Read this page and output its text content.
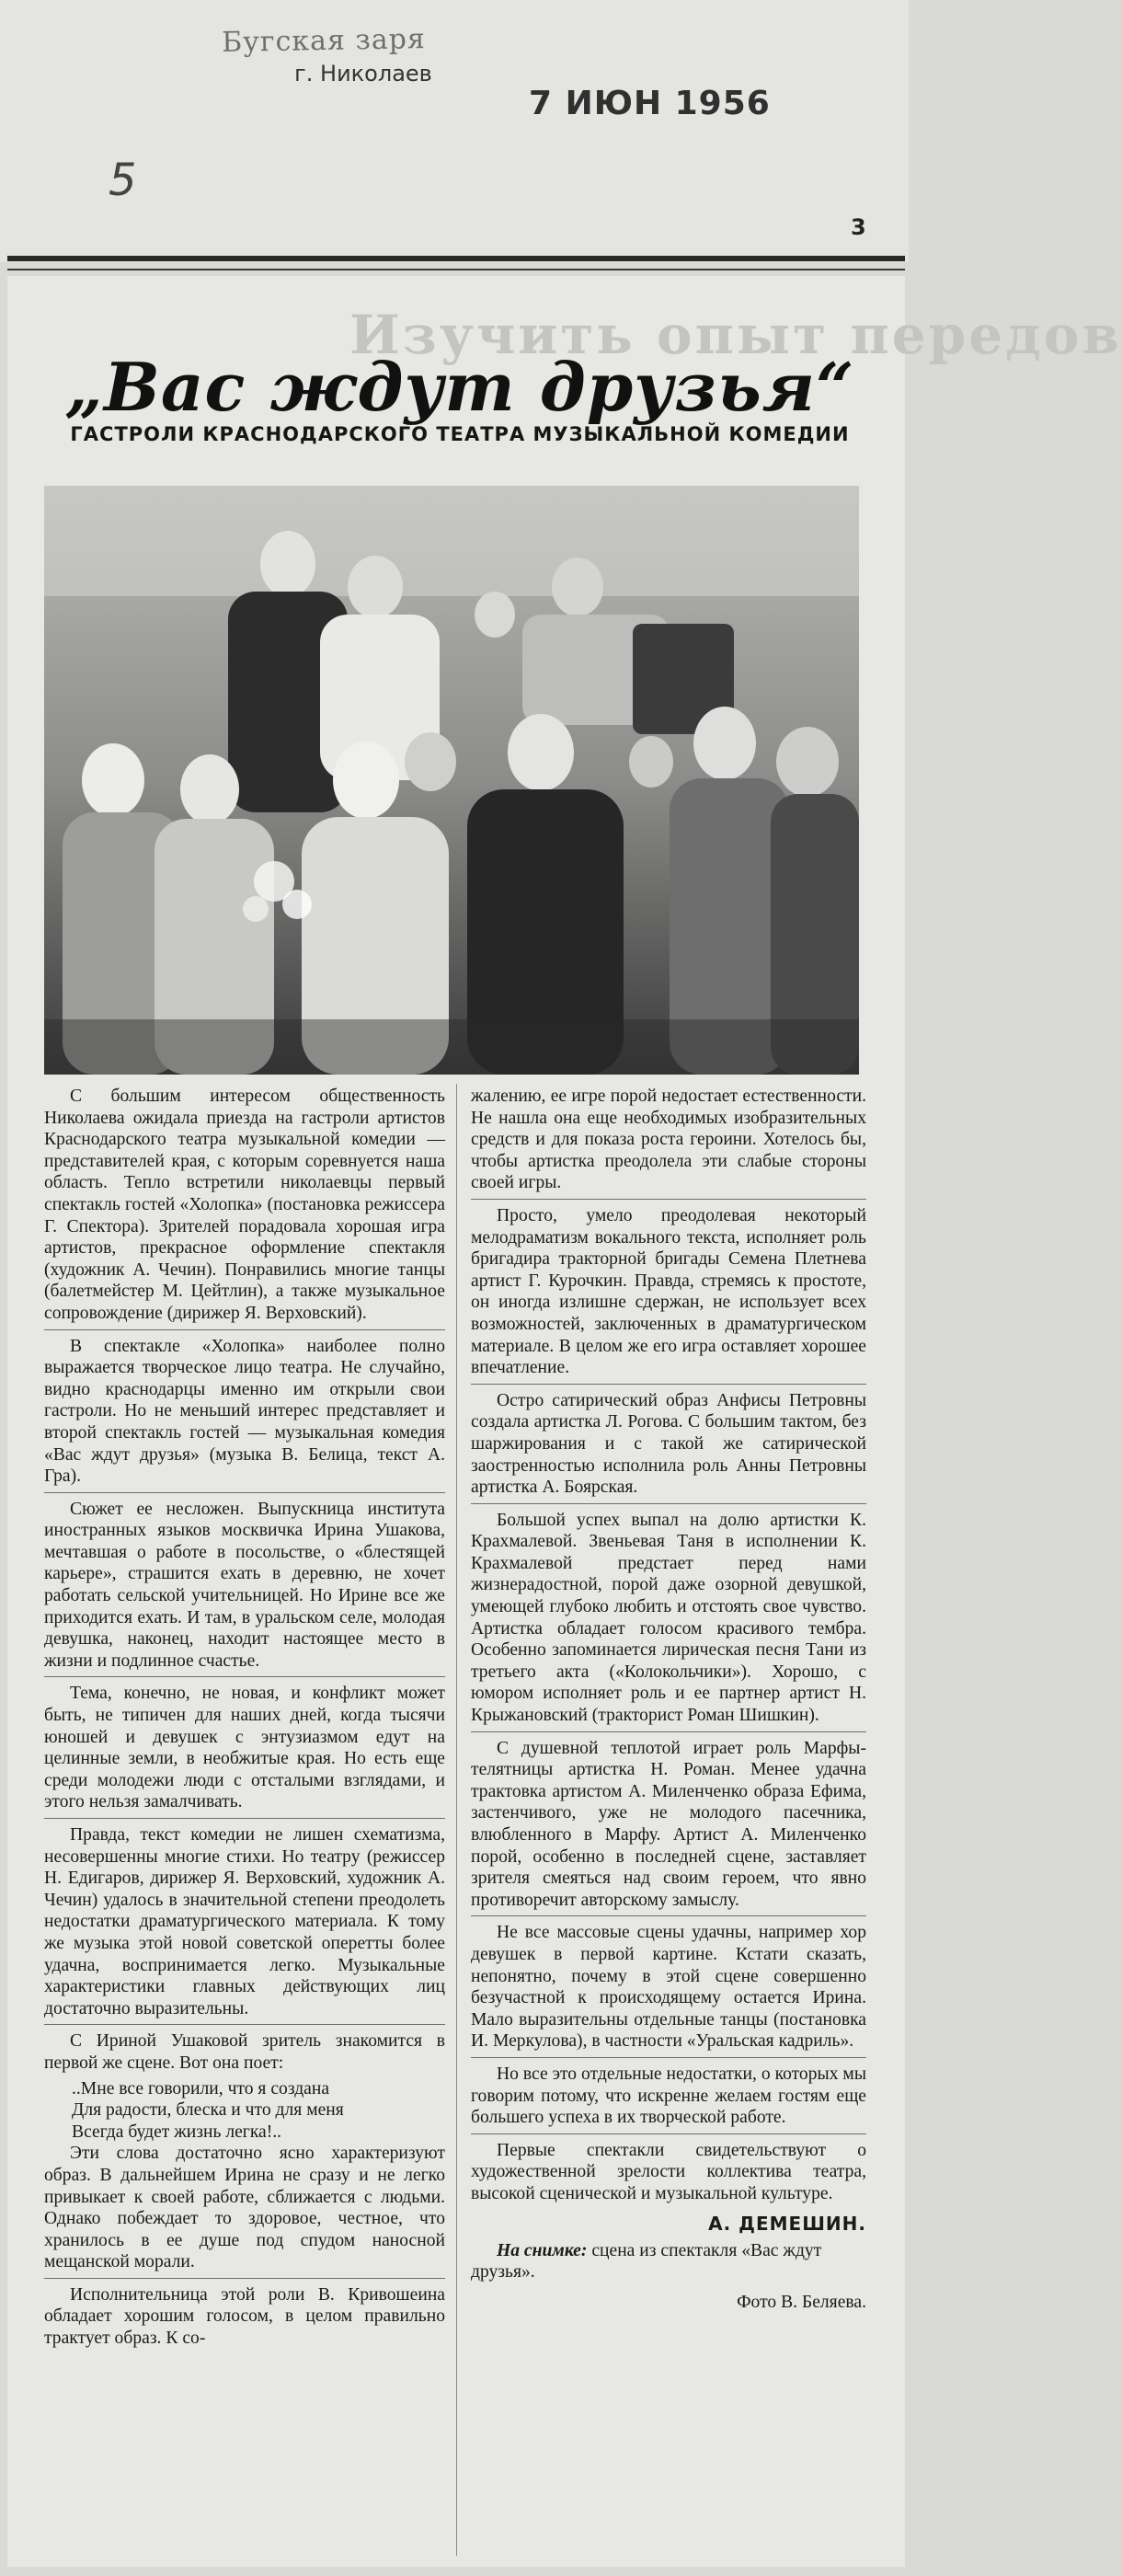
Бугская заря
г. Николаев
7 ИЮН 1956
5
3
Изучить опыт передов
„Вас ждут друзья“
ГАСТРОЛИ КРАСНОДАРСКОГО ТЕАТРА МУЗЫКАЛЬНОЙ КОМЕДИИ

С большим интересом общественность Николаева ожидала приезда на гастроли артистов Краснодарского театра музыкальной комедии — представителей края, с которым соревнуется наша область. Тепло встретили николаевцы первый спектакль гостей «Холопка» (постановка режиссера Г. Спектора). Зрителей порадовала хорошая игра артистов, прекрасное оформление спектакля (художник А. Чечин). Понравились многие танцы (балетмейстер М. Цейтлин), а также музыкальное сопровождение (дирижер Я. Верховский).

В спектакле «Холопка» наиболее полно выражается творческое лицо театра. Не случайно, видно краснодарцы именно им открыли свои гастроли. Но не меньший интерес представляет и второй спектакль гостей — музыкальная комедия «Вас ждут друзья» (музыка В. Белица, текст А. Гра).

Сюжет ее несложен. Выпускница института иностранных языков москвичка Ирина Ушакова, мечтавшая о работе в посольстве, о «блестящей карьере», страшится ехать в деревню, не хочет работать сельской учительницей. Но Ирине все же приходится ехать. И там, в уральском селе, молодая девушка, наконец, находит настоящее место в жизни и подлинное счастье.

Тема, конечно, не новая, и конфликт может быть, не типичен для наших дней, когда тысячи юношей и девушек с энтузиазмом едут на целинные земли, в необжитые края. Но есть еще среди молодежи люди с отсталыми взглядами, и этого нельзя замалчивать.

Правда, текст комедии не лишен схематизма, несовершенны многие стихи. Но театру (режиссер Н. Едигаров, дирижер Я. Верховский, художник А. Чечин) удалось в значительной степени преодолеть недостатки драматургического материала. К тому же музыка этой новой советской оперетты более удачна, воспринимается легко. Музыкальные характеристики главных действующих лиц достаточно выразительны.

С Ириной Ушаковой зритель знакомится в первой же сцене. Вот она поет:

..Мне все говорили, что я создана
Для радости, блеска и что для меня
Всегда будет жизнь легка!..

Эти слова достаточно ясно характеризуют образ. В дальнейшем Ирина не сразу и не легко привыкает к своей работе, сближается с людьми. Однако побеждает то здоровое, честное, что хранилось в ее душе под спудом наносной мещанской морали.

Исполнительница этой роли В. Кривошеина обладает хорошим голосом, в целом правильно трактует образ. К со-

жалению, ее игре порой недостает естественности. Не нашла она еще необходимых изобразительных средств и для показа роста героини. Хотелось бы, чтобы артистка преодолела эти слабые стороны своей игры.

Просто, умело преодолевая некоторый мелодраматизм вокального текста, исполняет роль бригадира тракторной бригады Семена Плетнева артист Г. Курочкин. Правда, стремясь к простоте, он иногда излишне сдержан, не использует всех возможностей, заключенных в драматургическом материале. В целом же его игра оставляет хорошее впечатление.

Остро сатирический образ Анфисы Петровны создала артистка Л. Рогова. С большим тактом, без шаржирования и с такой же сатирической заостренностью исполнила роль Анны Петровны артистка А. Боярская.

Большой успех выпал на долю артистки К. Крахмалевой. Звеньевая Таня в исполнении К. Крахмалевой предстает перед нами жизнерадостной, порой даже озорной девушкой, умеющей глубоко любить и отстоять свое чувство. Артистка обладает голосом красивого тембра. Особенно запоминается лирическая песня Тани из третьего акта («Колокольчики»). Хорошо, с юмором исполняет роль и ее партнер артист Н. Крыжановский (тракторист Роман Шишкин).

С душевной теплотой играет роль Марфы-телятницы артистка Н. Роман. Менее удачна трактовка артистом А. Миленченко образа Ефима, застенчивого, уже не молодого пасечника, влюбленного в Марфу. Артист А. Миленченко порой, особенно в последней сцене, заставляет зрителя смеяться над своим героем, что явно противоречит авторскому замыслу.

Не все массовые сцены удачны, например хор девушек в первой картине. Кстати сказать, непонятно, почему в этой сцене совершенно безучастной к происходящему остается Ирина. Мало выразительны отдельные танцы (постановка И. Меркулова), в частности «Уральская кадриль».

Но все это отдельные недостатки, о которых мы говорим потому, что искренне желаем гостям еще большего успеха в их творческой работе.

Первые спектакли свидетельствуют о художественной зрелости коллектива театра, высокой сценической и музыкальной культуре.

А. ДЕМЕШИН.

На снимке: сцена из спектакля «Вас ждут друзья».

Фото В. Беляева.
